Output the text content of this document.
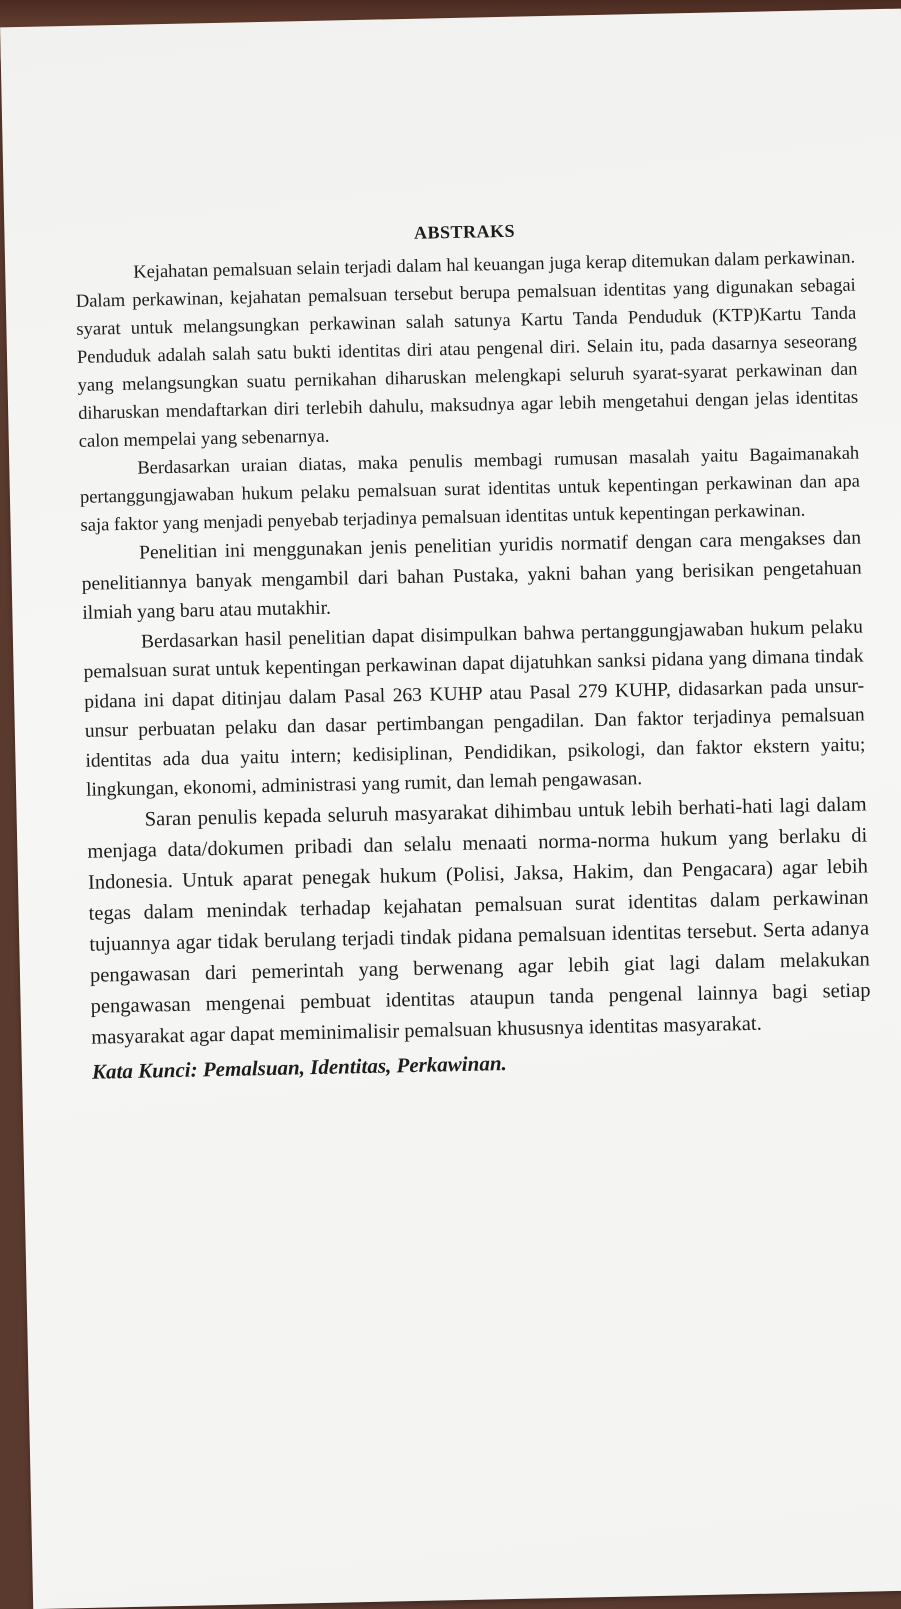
ABSTRAKS

Kejahatan pemalsuan selain terjadi dalam hal keuangan juga kerap ditemukan dalam perkawinan. Dalam perkawinan, kejahatan pemalsuan tersebut berupa pemalsuan identitas yang digunakan sebagai syarat untuk melangsungkan perkawinan salah satunya Kartu Tanda Penduduk (KTP)Kartu Tanda Penduduk adalah salah satu bukti identitas diri atau pengenal diri. Selain itu, pada dasarnya seseorang yang melangsungkan suatu pernikahan diharuskan melengkapi seluruh syarat-syarat perkawinan dan diharuskan mendaftarkan diri terlebih dahulu, maksudnya agar lebih mengetahui dengan jelas identitas calon mempelai yang sebenarnya.

Berdasarkan uraian diatas, maka penulis membagi rumusan masalah yaitu Bagaimanakah pertanggungjawaban hukum pelaku pemalsuan surat identitas untuk kepentingan perkawinan dan apa saja faktor yang menjadi penyebab terjadinya pemalsuan identitas untuk kepentingan perkawinan.

Penelitian ini menggunakan jenis penelitian yuridis normatif dengan cara mengakses dan penelitiannya banyak mengambil dari bahan Pustaka, yakni bahan yang berisikan pengetahuan ilmiah yang baru atau mutakhir.

Berdasarkan hasil penelitian dapat disimpulkan bahwa pertanggungjawaban hukum pelaku pemalsuan surat untuk kepentingan perkawinan dapat dijatuhkan sanksi pidana yang dimana tindak pidana ini dapat ditinjau dalam Pasal 263 KUHP atau Pasal 279 KUHP, didasarkan pada unsur-unsur perbuatan pelaku dan dasar pertimbangan pengadilan. Dan faktor terjadinya pemalsuan identitas ada dua yaitu intern; kedisiplinan, Pendidikan, psikologi, dan faktor ekstern yaitu; lingkungan, ekonomi, administrasi yang rumit, dan lemah pengawasan.

Saran penulis kepada seluruh masyarakat dihimbau untuk lebih berhati-hati lagi dalam menjaga data/dokumen pribadi dan selalu menaati norma-norma hukum yang berlaku di Indonesia. Untuk aparat penegak hukum (Polisi, Jaksa, Hakim, dan Pengacara) agar lebih tegas dalam menindak terhadap kejahatan pemalsuan surat identitas dalam perkawinan tujuannya agar tidak berulang terjadi tindak pidana pemalsuan identitas tersebut. Serta adanya pengawasan dari pemerintah yang berwenang agar lebih giat lagi dalam melakukan pengawasan mengenai pembuat identitas ataupun tanda pengenal lainnya bagi setiap masyarakat agar dapat meminimalisir pemalsuan khususnya identitas masyarakat.

Kata Kunci: Pemalsuan, Identitas, Perkawinan.
